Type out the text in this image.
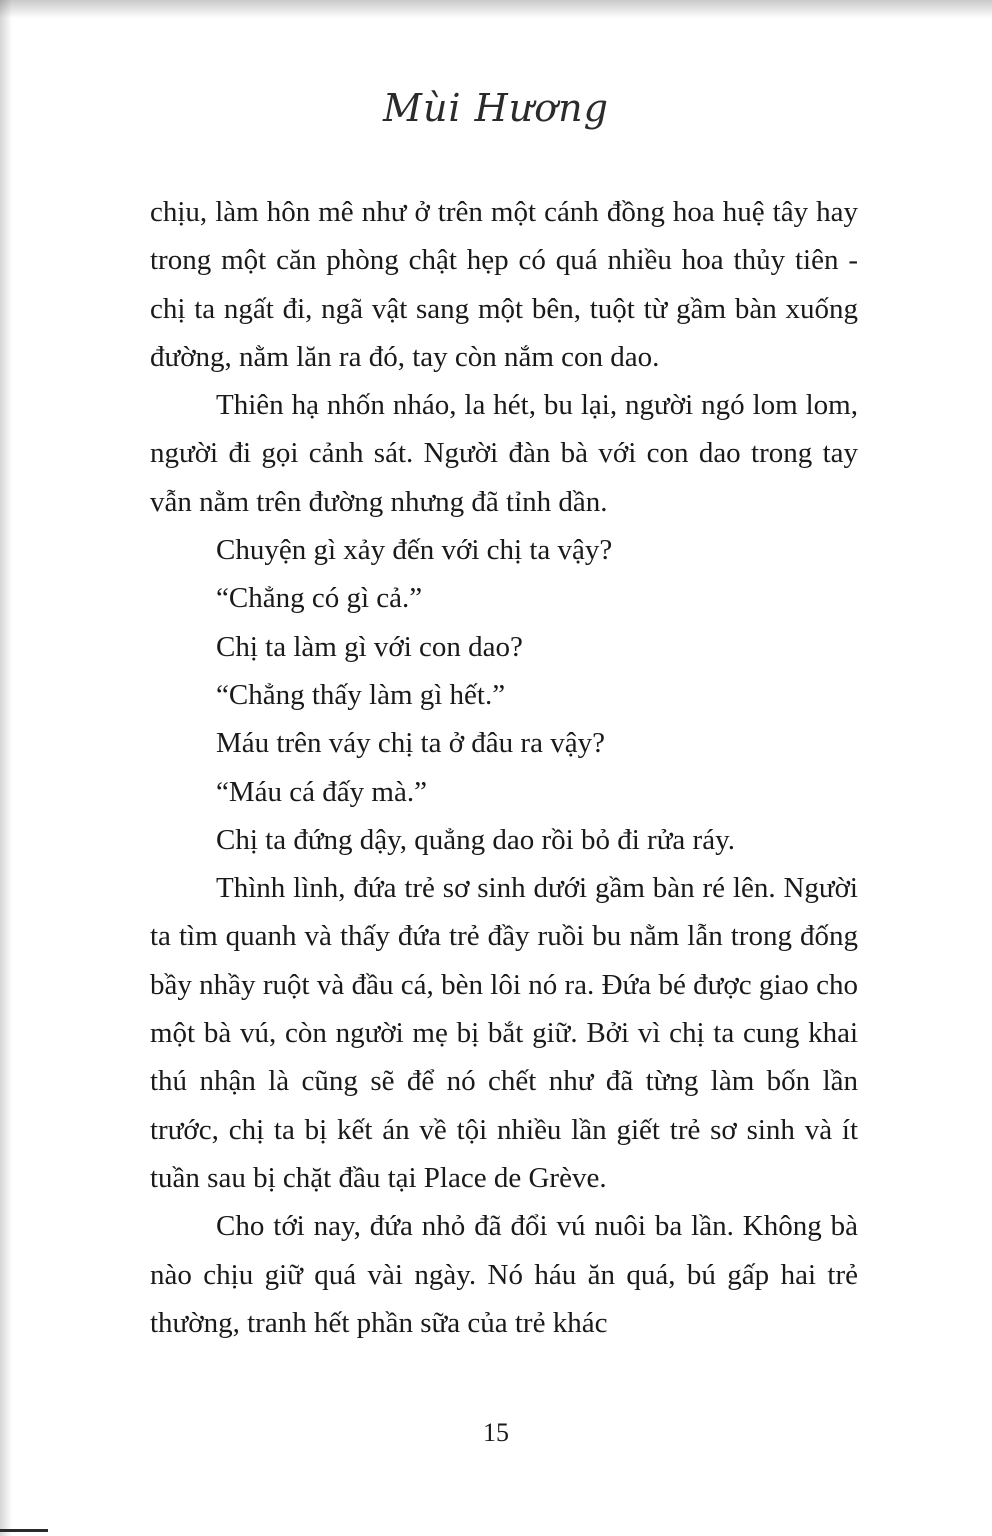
Mùi Hương

chịu, làm hôn mê như ở trên một cánh đồng hoa huệ tây hay trong một căn phòng chật hẹp có quá nhiều hoa thủy tiên - chị ta ngất đi, ngã vật sang một bên, tuột từ gầm bàn xuống đường, nằm lăn ra đó, tay còn nắm con dao.

Thiên hạ nhốn nháo, la hét, bu lại, người ngó lom lom, người đi gọi cảnh sát. Người đàn bà với con dao trong tay vẫn nằm trên đường nhưng đã tỉnh dần.

Chuyện gì xảy đến với chị ta vậy?

“Chẳng có gì cả.”

Chị ta làm gì với con dao?

“Chẳng thấy làm gì hết.”

Máu trên váy chị ta ở đâu ra vậy?

“Máu cá đấy mà.”

Chị ta đứng dậy, quẳng dao rồi bỏ đi rửa ráy.

Thình lình, đứa trẻ sơ sinh dưới gầm bàn ré lên. Người ta tìm quanh và thấy đứa trẻ đầy ruồi bu nằm lẫn trong đống bầy nhầy ruột và đầu cá, bèn lôi nó ra. Đứa bé được giao cho một bà vú, còn người mẹ bị bắt giữ. Bởi vì chị ta cung khai thú nhận là cũng sẽ để nó chết như đã từng làm bốn lần trước, chị ta bị kết án về tội nhiều lần giết trẻ sơ sinh và ít tuần sau bị chặt đầu tại Place de Grève.

Cho tới nay, đứa nhỏ đã đổi vú nuôi ba lần. Không bà nào chịu giữ quá vài ngày. Nó háu ăn quá, bú gấp hai trẻ thường, tranh hết phần sữa của trẻ khác

15
